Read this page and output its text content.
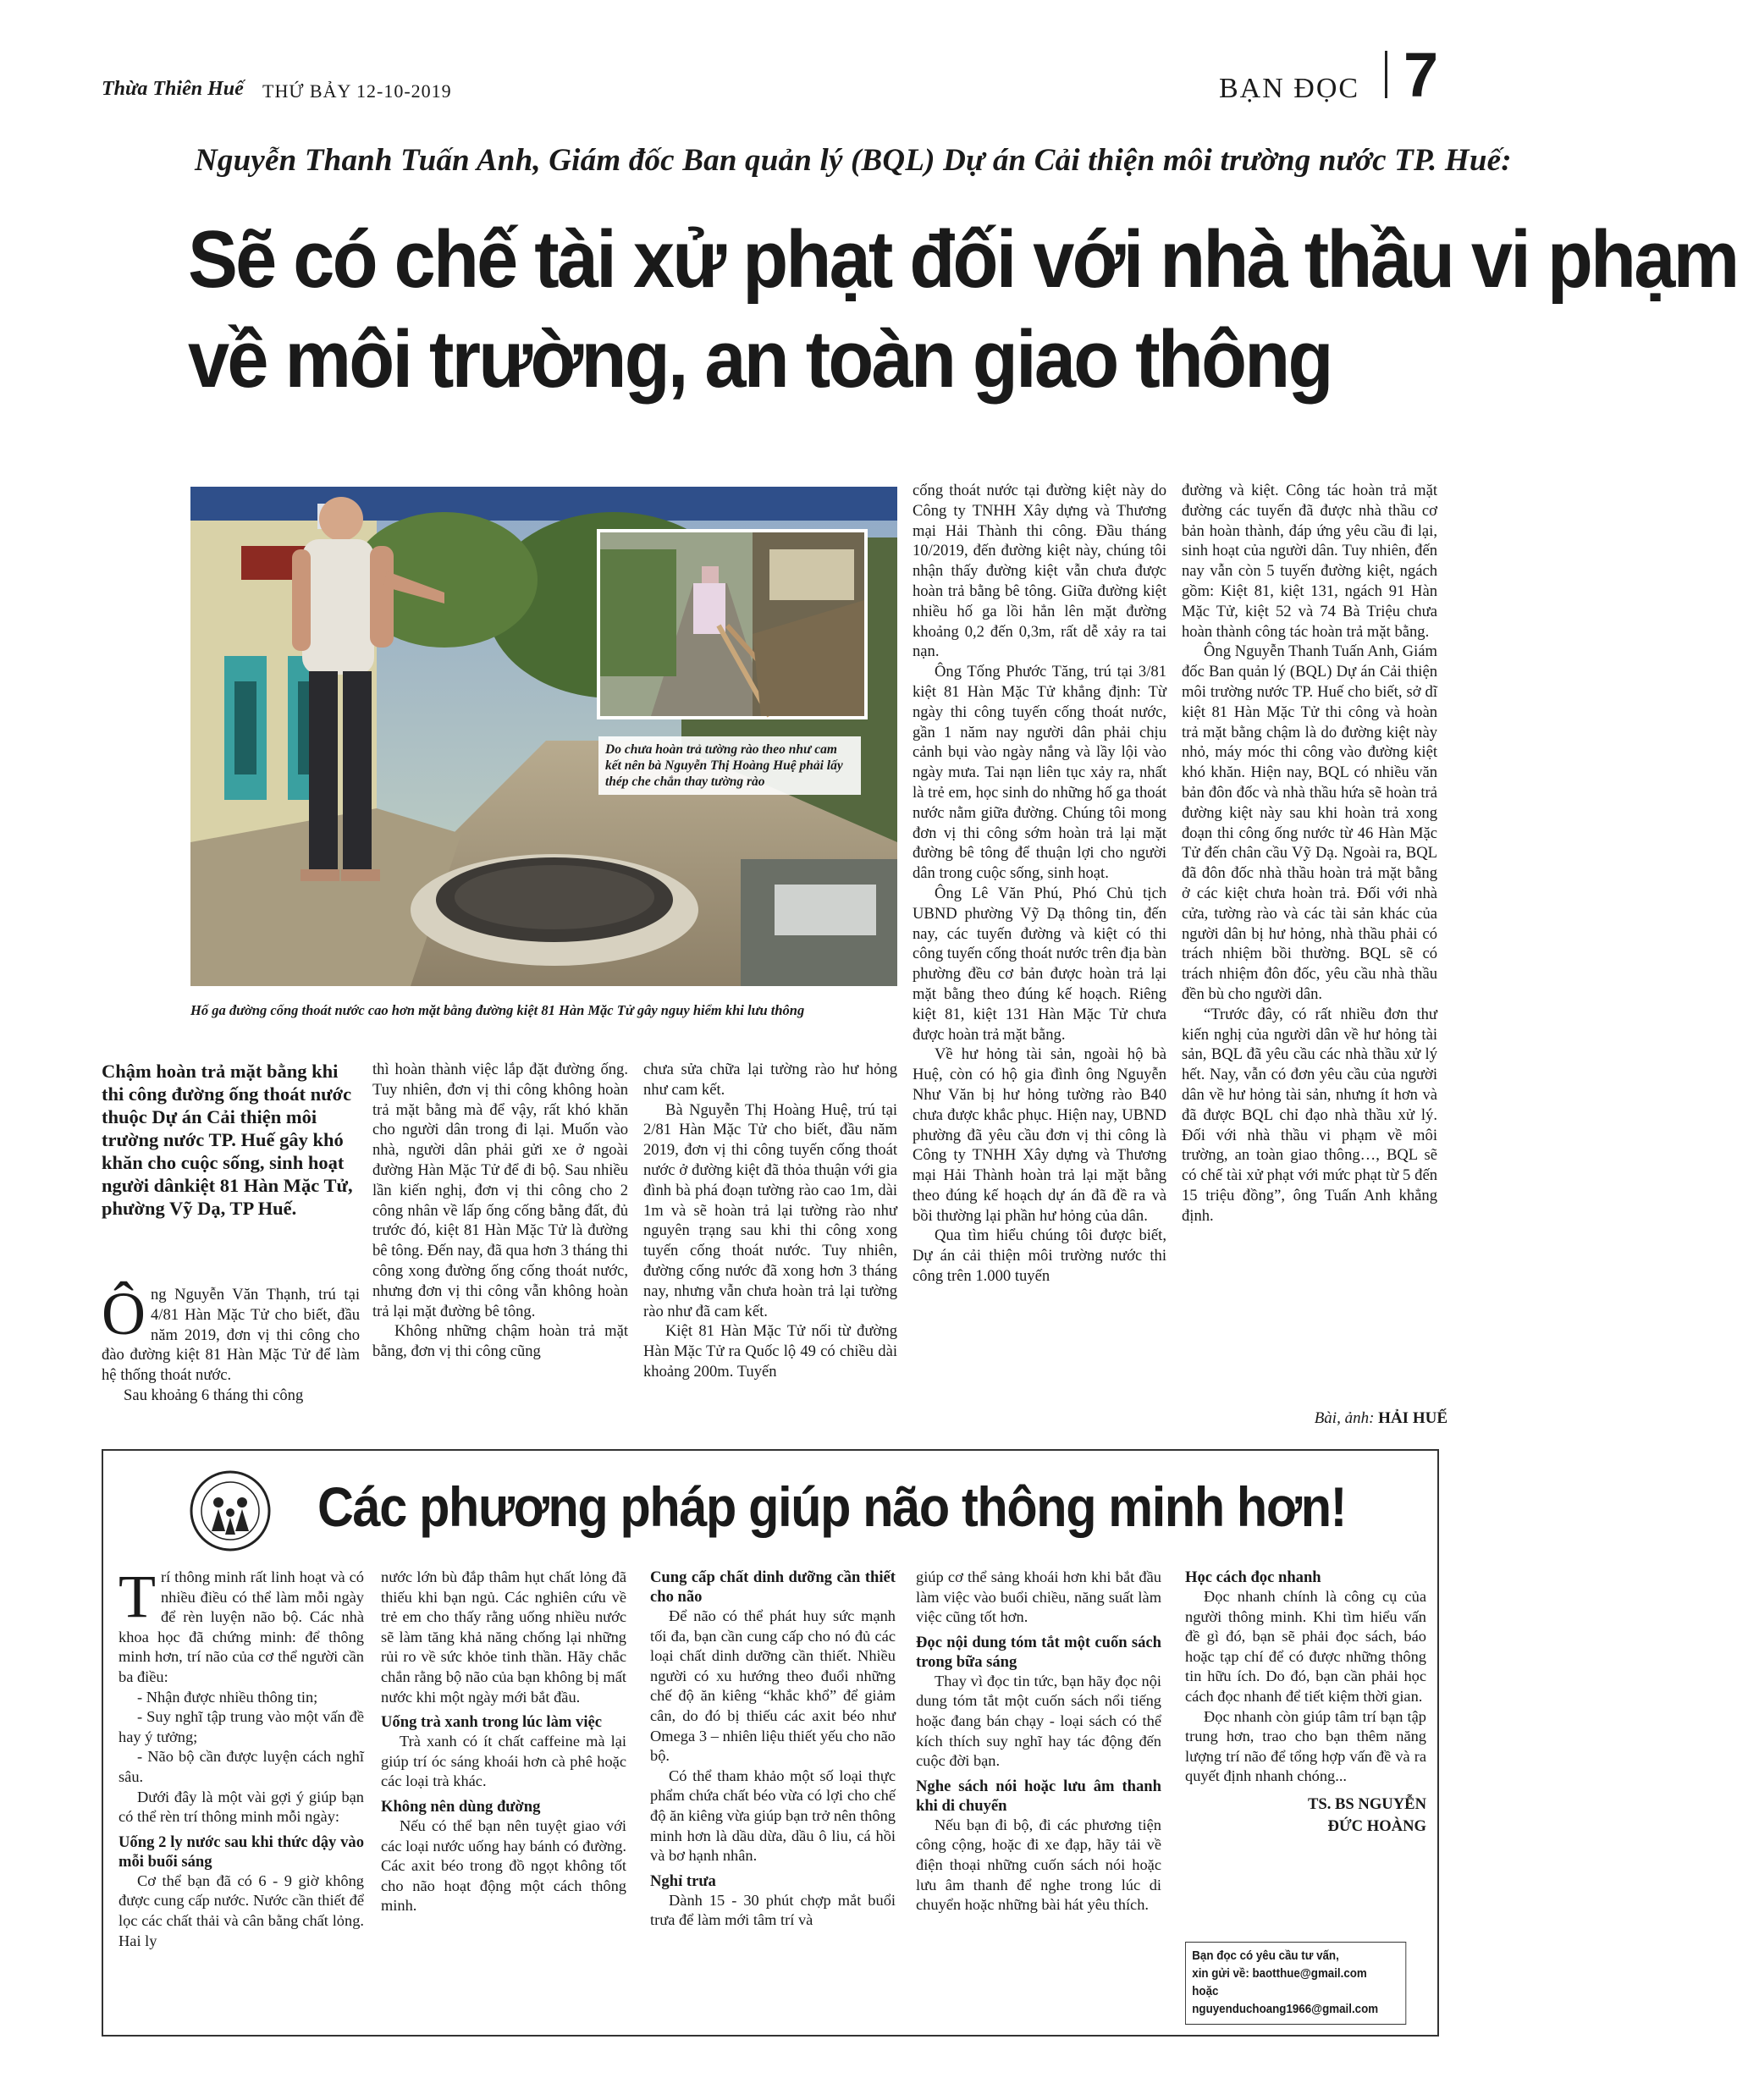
Thừa Thiên Huế THỨ BẢY 12-10-2019	BẠN ĐỌC 7
Nguyễn Thanh Tuấn Anh, Giám đốc Ban quản lý (BQL) Dự án Cải thiện môi trường nước TP. Huế:
Sẽ có chế tài xử phạt đối với nhà thầu vi phạm
về môi trường, an toàn giao thông
Do chưa hoàn trả tường rào theo như cam kết nên bà Nguyễn Thị Hoàng Huệ phải lấy thép che chắn thay tường rào
Hố ga đường cống thoát nước cao hơn mặt bằng đường kiệt 81 Hàn Mặc Tử gây nguy hiểm khi lưu thông
Chậm hoàn trả mặt bằng khi thi công đường ống thoát nước thuộc Dự án Cải thiện môi trường nước TP. Huế gây khó khăn cho cuộc sống, sinh hoạt người dânkiệt 81 Hàn Mặc Tử, phường Vỹ Dạ, TP Huế.

Ông Nguyễn Văn Thạnh, trú tại 4/81 Hàn Mặc Tử cho biết, đầu năm 2019, đơn vị thi công cho đào đường kiệt 81 Hàn Mặc Tử để làm hệ thống thoát nước.

Sau khoảng 6 tháng thi công

thì hoàn thành việc lắp đặt đường ống. Tuy nhiên, đơn vị thi công không hoàn trả mặt bằng mà để vậy, rất khó khăn cho người dân trong đi lại. Muốn vào nhà, người dân phải gửi xe ở ngoài đường Hàn Mặc Tử để đi bộ. Sau nhiều lần kiến nghị, đơn vị thi công cho 2 công nhân về lấp ống cống bằng đất, đủ trước đó, kiệt 81 Hàn Mặc Tử là đường bê tông. Đến nay, đã qua hơn 3 tháng thi công xong đường ống cống thoát nước, nhưng đơn vị thi công vẫn không hoàn trả lại mặt đường bê tông.

Không những chậm hoàn trả mặt bằng, đơn vị thi công cũng

chưa sửa chữa lại tường rào hư hỏng như cam kết.

Bà Nguyễn Thị Hoàng Huệ, trú tại 2/81 Hàn Mặc Tử cho biết, đầu năm 2019, đơn vị thi công tuyến cống thoát nước ở đường kiệt đã thỏa thuận với gia đình bà phá đoạn tường rào cao 1m, dài 1m và sẽ hoàn trả lại tường rào như nguyên trạng sau khi thi công xong tuyến cống thoát nước. Tuy nhiên, đường cống nước đã xong hơn 3 tháng nay, nhưng vẫn chưa hoàn trả lại tường rào như đã cam kết.

Kiệt 81 Hàn Mặc Tử nối từ đường Hàn Mặc Tử ra Quốc lộ 49 có chiều dài khoảng 200m. Tuyến

cống thoát nước tại đường kiệt này do Công ty TNHH Xây dựng và Thương mại Hải Thành thi công. Đầu tháng 10/2019, đến đường kiệt này, chúng tôi nhận thấy đường kiệt vẫn chưa được hoàn trả bằng bê tông. Giữa đường kiệt nhiều hố ga lồi hẳn lên mặt đường khoảng 0,2 đến 0,3m, rất dễ xảy ra tai nạn.

Ông Tống Phước Tăng, trú tại 3/81 kiệt 81 Hàn Mặc Tử khẳng định: Từ ngày thi công tuyến cống thoát nước, gần 1 năm nay người dân phải chịu cảnh bụi vào ngày nắng và lầy lội vào ngày mưa. Tai nạn liên tục xảy ra, nhất là trẻ em, học sinh do những hố ga thoát nước nằm giữa đường. Chúng tôi mong đơn vị thi công sớm hoàn trả lại mặt đường bê tông để thuận lợi cho người dân trong cuộc sống, sinh hoạt.

Ông Lê Văn Phú, Phó Chủ tịch UBND phường Vỹ Dạ thông tin, đến nay, các tuyến đường và kiệt có thi công tuyến cống thoát nước trên địa bàn phường đều cơ bản được hoàn trả lại mặt bằng theo đúng kế hoạch. Riêng kiệt 81, kiệt 131 Hàn Mặc Tử chưa được hoàn trả mặt bằng.

Về hư hỏng tài sản, ngoài hộ bà Huệ, còn có hộ gia đình ông Nguyễn Như Văn bị hư hỏng tường rào B40 chưa được khắc phục. Hiện nay, UBND phường đã yêu cầu đơn vị thi công là Công ty TNHH Xây dựng và Thương mại Hải Thành hoàn trả lại mặt bằng theo đúng kế hoạch dự án đã đề ra và bồi thường lại phần hư hỏng của dân.

Qua tìm hiểu chúng tôi được biết, Dự án cải thiện môi trường nước thi công trên 1.000 tuyến

đường và kiệt. Công tác hoàn trả mặt đường các tuyến đã được nhà thầu cơ bản hoàn thành, đáp ứng yêu cầu đi lại, sinh hoạt của người dân. Tuy nhiên, đến nay vẫn còn 5 tuyến đường kiệt, ngách gồm: Kiệt 81, kiệt 131, ngách 91 Hàn Mặc Tử, kiệt 52 và 74 Bà Triệu chưa hoàn thành công tác hoàn trả mặt bằng.

Ông Nguyễn Thanh Tuấn Anh, Giám đốc Ban quản lý (BQL) Dự án Cải thiện môi trường nước TP. Huế cho biết, sở dĩ kiệt 81 Hàn Mặc Tử thi công và hoàn trả mặt bằng chậm là do đường kiệt này nhỏ, máy móc thi công vào đường kiệt khó khăn. Hiện nay, BQL có nhiều văn bản đôn đốc và nhà thầu hứa sẽ hoàn trả đường kiệt này sau khi hoàn trả xong đoạn thi công ống nước từ 46 Hàn Mặc Tử đến chân cầu Vỹ Dạ. Ngoài ra, BQL đã đôn đốc nhà thầu hoàn trả mặt bằng ở các kiệt chưa hoàn trả. Đối với nhà cửa, tường rào và các tài sản khác của người dân bị hư hỏng, nhà thầu phải có trách nhiệm bồi thường. BQL sẽ có trách nhiệm đôn đốc, yêu cầu nhà thầu đền bù cho người dân.

“Trước đây, có rất nhiều đơn thư kiến nghị của người dân về hư hỏng tài sản, BQL đã yêu cầu các nhà thầu xử lý hết. Nay, vẫn có đơn yêu cầu của người dân về hư hỏng tài sản, nhưng ít hơn và đã được BQL chỉ đạo nhà thầu xử lý. Đối với nhà thầu vi phạm về môi trường, an toàn giao thông…, BQL sẽ có chế tài xử phạt với mức phạt từ 5 đến 15 triệu đồng”, ông Tuấn Anh khẳng định.

Bài, ảnh: HẢI HUẾ
Các phương pháp giúp não thông minh hơn!

Trí thông minh rất linh hoạt và có nhiều điều có thể làm mỗi ngày để rèn luyện não bộ. Các nhà khoa học đã chứng minh: để thông minh hơn, trí não của cơ thể người cần ba điều:

- Nhận được nhiều thông tin;

- Suy nghĩ tập trung vào một vấn đề hay ý tưởng;

- Não bộ cần được luyện cách nghĩ sâu.

Dưới đây là một vài gợi ý giúp bạn có thể rèn trí thông minh mỗi ngày:

Uống 2 ly nước sau khi thức dậy vào mỗi buổi sáng

Cơ thể bạn đã có 6 - 9 giờ không được cung cấp nước. Nước cần thiết để lọc các chất thải và cân bằng chất lỏng. Hai ly

nước lớn bù đắp thâm hụt chất lỏng đã thiếu khi bạn ngủ. Các nghiên cứu về trẻ em cho thấy rằng uống nhiều nước sẽ làm tăng khả năng chống lại những rủi ro về sức khỏe tinh thần. Hãy chắc chắn rằng bộ não của bạn không bị mất nước khi một ngày mới bắt đầu.

Uống trà xanh trong lúc làm việc

Trà xanh có ít chất caffeine mà lại giúp trí óc sáng khoái hơn cà phê hoặc các loại trà khác.

Không nên dùng đường

Nếu có thể bạn nên tuyệt giao với các loại nước uống hay bánh có đường. Các axit béo trong đồ ngọt không tốt cho não hoạt động một cách thông minh.

Cung cấp chất dinh dưỡng cần thiết cho não

Để não có thể phát huy sức mạnh tối đa, bạn cần cung cấp cho nó đủ các loại chất dinh dưỡng cần thiết. Nhiều người có xu hướng theo đuổi những chế độ ăn kiêng “khắc khổ” để giảm cân, do đó bị thiếu các axit béo như Omega 3 – nhiên liệu thiết yếu cho não bộ.

Có thể tham khảo một số loại thực phẩm chứa chất béo vừa có lợi cho chế độ ăn kiêng vừa giúp bạn trở nên thông minh hơn là dầu dừa, dầu ô liu, cá hồi và bơ hạnh nhân.

Nghỉ trưa

Dành 15 - 30 phút chợp mắt buổi trưa để làm mới tâm trí và

giúp cơ thể sảng khoái hơn khi bắt đầu làm việc vào buổi chiều, năng suất làm việc cũng tốt hơn.

Đọc nội dung tóm tắt một cuốn sách trong bữa sáng

Thay vì đọc tin tức, bạn hãy đọc nội dung tóm tắt một cuốn sách nổi tiếng hoặc đang bán chạy - loại sách có thể kích thích suy nghĩ hay tác động đến cuộc đời bạn.

Nghe sách nói hoặc lưu âm thanh khi di chuyển

Nếu bạn đi bộ, đi các phương tiện công cộng, hoặc đi xe đạp, hãy tải về điện thoại những cuốn sách nói hoặc lưu âm thanh để nghe trong lúc di chuyển hoặc những bài hát yêu thích.

Học cách đọc nhanh

Đọc nhanh chính là công cụ của người thông minh. Khi tìm hiểu vấn đề gì đó, bạn sẽ phải đọc sách, báo hoặc tạp chí để có được những thông tin hữu ích. Do đó, bạn cần phải học cách đọc nhanh để tiết kiệm thời gian.

Đọc nhanh còn giúp tâm trí bạn tập trung hơn, trao cho bạn thêm năng lượng trí não để tổng hợp vấn đề và ra quyết định nhanh chóng...

TS. BS NGUYỄN
ĐỨC HOÀNG
Bạn đọc có yêu cầu tư vấn,
xin gửi về: baotthue@gmail.com
hoặc nguyenduchoang1966@gmail.com
